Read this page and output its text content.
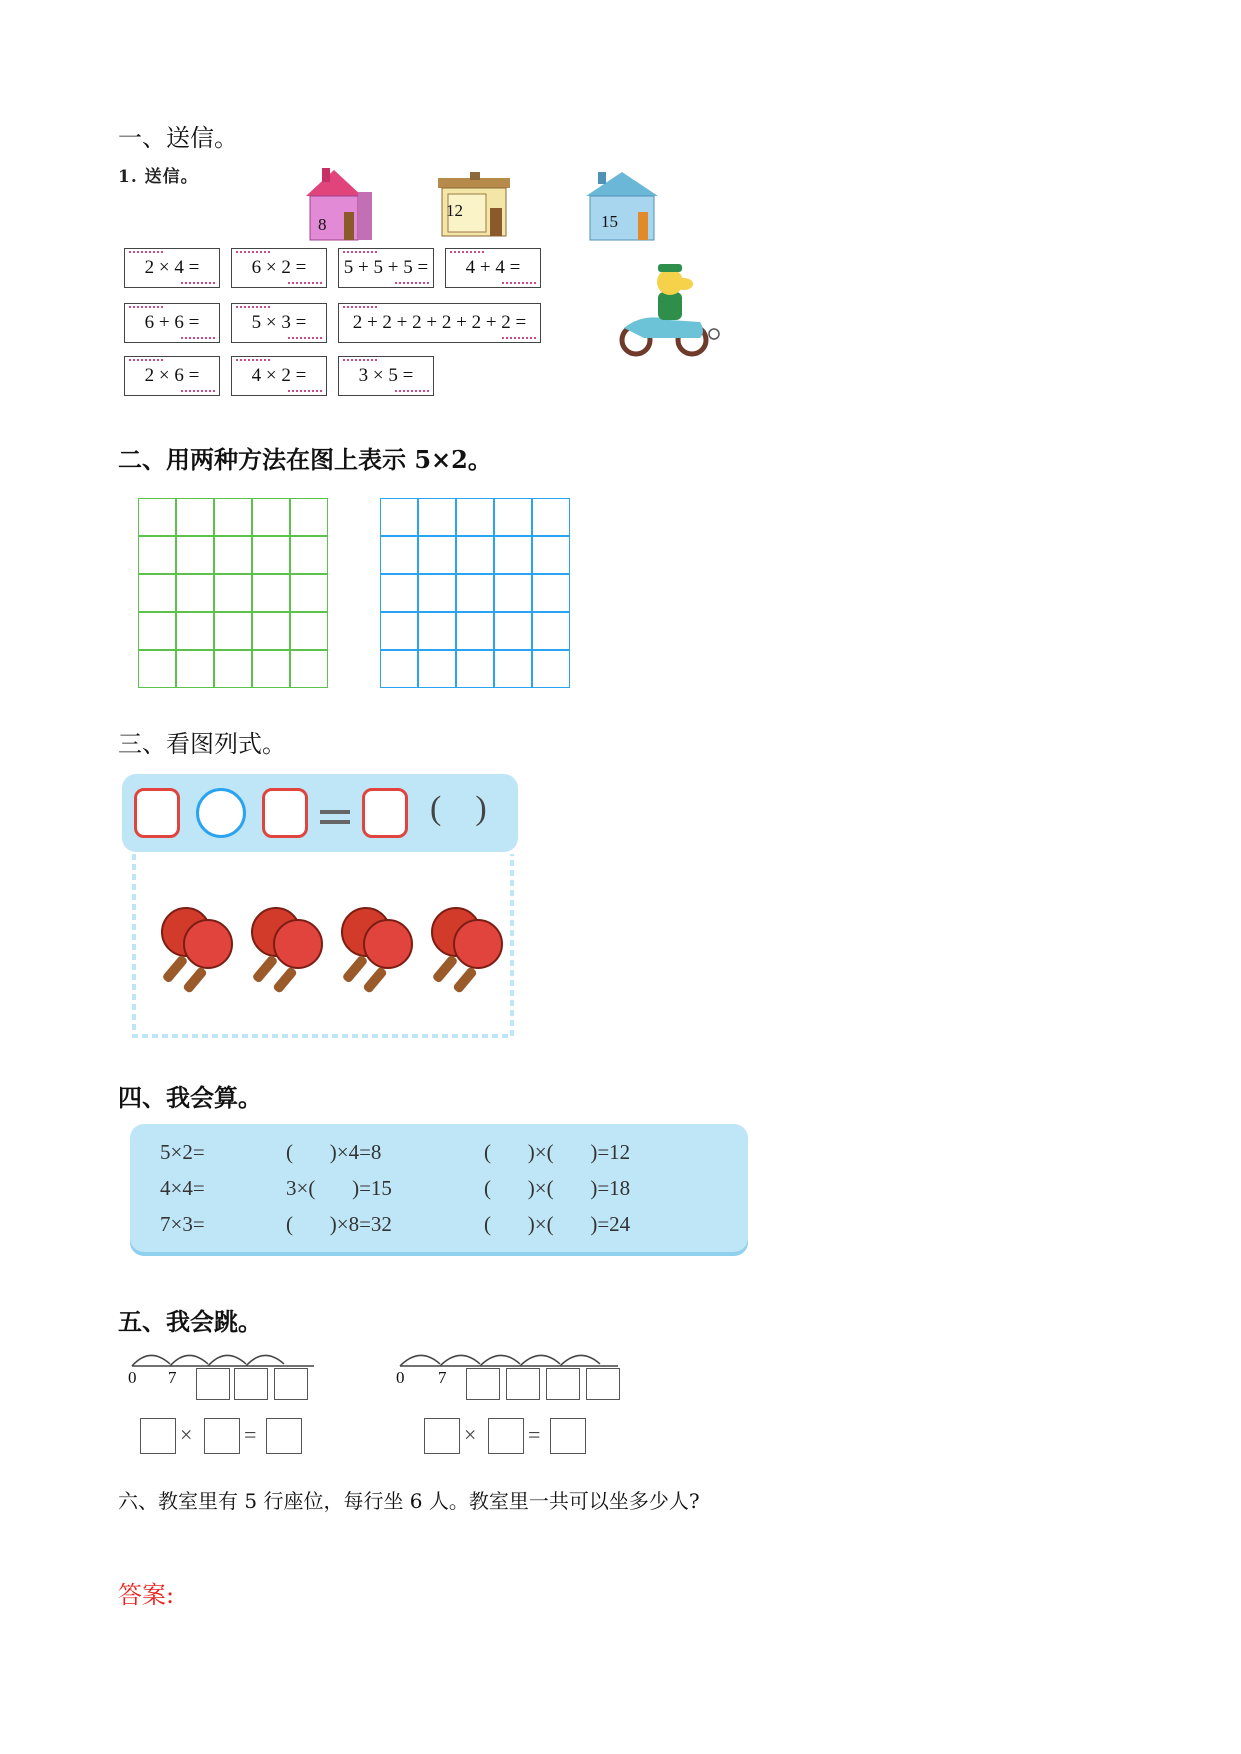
一、送信。
1. 送信。
8
12
15
2 × 4 =	6 × 2 =	5 + 5 + 5 =	4 + 4 =
6 + 6 =	5 × 3 =	2 + 2 + 2 + 2 + 2 + 2 =
2 × 6 =	4 × 2 =	3 × 5 =
二、用两种方法在图上表示 5×2。
三、看图列式。
(    )
四、我会算。
5×2=	(       )×4=8	(       )×(       )=12
4×4=	3×(       )=15	(       )×(       )=18
7×3=	(       )×8=32	(       )×(       )=24
五、我会跳。
0 7
× =
0 7
× =
六、教室里有 5 行座位，每行坐 6 人。教室里一共可以坐多少人?
答案:
